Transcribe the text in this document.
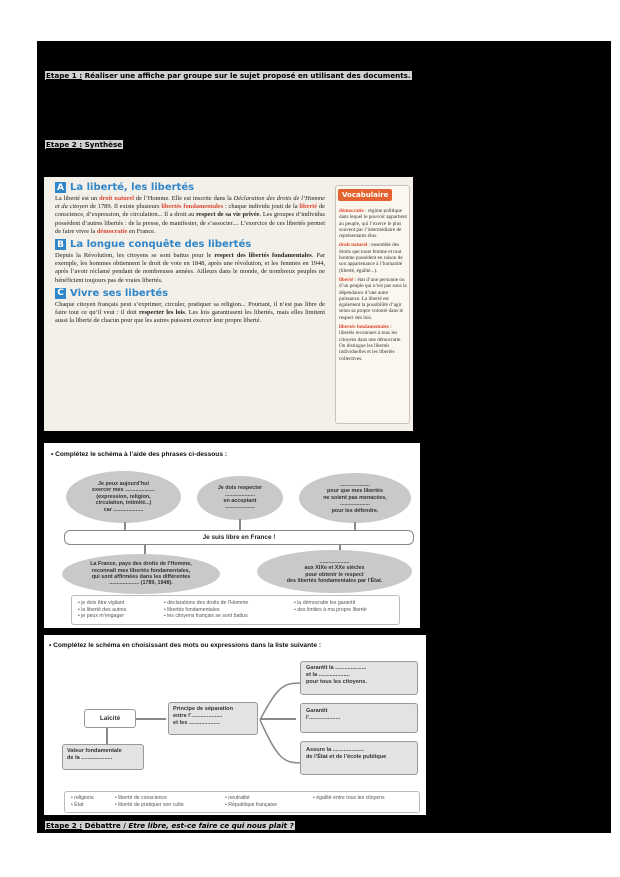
Etape 1 : Réaliser une affiche par groupe sur le sujet proposé en utilisant des documents.
Etape 2 : Synthèse
A La liberté, les libertés
La liberté est un droit naturel de l’Homme. Elle est inscrite dans la Déclaration des droits de l’Homme et du citoyen de 1789. Il existe plusieurs libertés fondamentales : chaque individu jouit de la liberté de conscience, d’expression, de circulation... Il a droit au respect de sa vie privée. Les groupes d’individus possèdent d’autres libertés : de la presse, de manifester, de s’associer.... L’exercice de ces libertés permet de faire vivre la démocratie en France.
B La longue conquête des libertés
Depuis la Révolution, les citoyens se sont battus pour le respect des libertés fondamentales. Par exemple, les hommes obtiennent le droit de vote en 1848, après une révolution, et les femmes en 1944, après l’avoir réclamé pendant de nombreuses années. Ailleurs dans le monde, de nombreux peuples ne bénéficient toujours pas de vraies libertés.
C Vivre ses libertés
Chaque citoyen français peut s’exprimer, circuler, pratiquer sa religion... Pourtant, il n’est pas libre de faire tout ce qu’il veut : il doit respecter les lois. Les lois garantissent les libertés, mais elles limitent aussi la liberté de chacun pour que les autres puissent exercer leur propre liberté.
Vocabulaire
démocratie : régime politique dans lequel le pouvoir appartient au peuple, qui l’exerce le plus souvent par l’intermédiaire de représentants élus.
droit naturel : ensemble des droits que toute femme et tout homme possèdent en raison de son appartenance à l’humanité (liberté, égalité...).
liberté : état d’une personne ou d’un peuple qui n’est pas sous la dépendance d’une autre puissance. La liberté est également la possibilité d’agir selon sa propre volonté dans le respect des lois.
libertés fondamentales : libertés reconnues à tous les citoyens dans une démocratie. On distingue les libertés individuelles et les libertés collectives.
• Complétez le schéma à l’aide des phrases ci-dessous :
Je peux aujourd’hui
exercer mes ....................
(expression, religion,
circulation, intimité...)
car ....................
Je dois respecter
....................
en acceptant
....................
....................
pour que mes libertés
ne soient pas menacées,
....................
pour les défendre.
Je suis libre en France !
La France, pays des droits de l’Homme,
reconnaît mes libertés fondamentales,
qui sont affirmées dans les différentes
.................... (1789, 1948).
....................
aux XIXe et XXe siècles
pour obtenir le respect
des libertés fondamentales par l’État.
• je dois être vigilant
• la liberté des autres
• je peux m’engager
• déclarations des droits de l’Homme
• libertés fondamentales
• les citoyens français se sont battus
• la démocratie les garantit
• des limites à ma propre liberté
• Complétez le schéma en choisissant des mots ou expressions dans la liste suivante :
Laïcité
Principe de séparation
entre l’....................
et les ....................
Valeur fondamentale
de la ....................
Garantit la ....................
et la ....................
pour tous les citoyens.
Garantit
l’....................
Assure la ....................
de l’État et de l’école publique
• religions
• État
• liberté de conscience
• liberté de pratiquer son culte
• neutralité
• République française
• égalité entre tous les citoyens
Etape 2 : Débattre / Etre libre, est-ce faire ce qui nous plait ?
